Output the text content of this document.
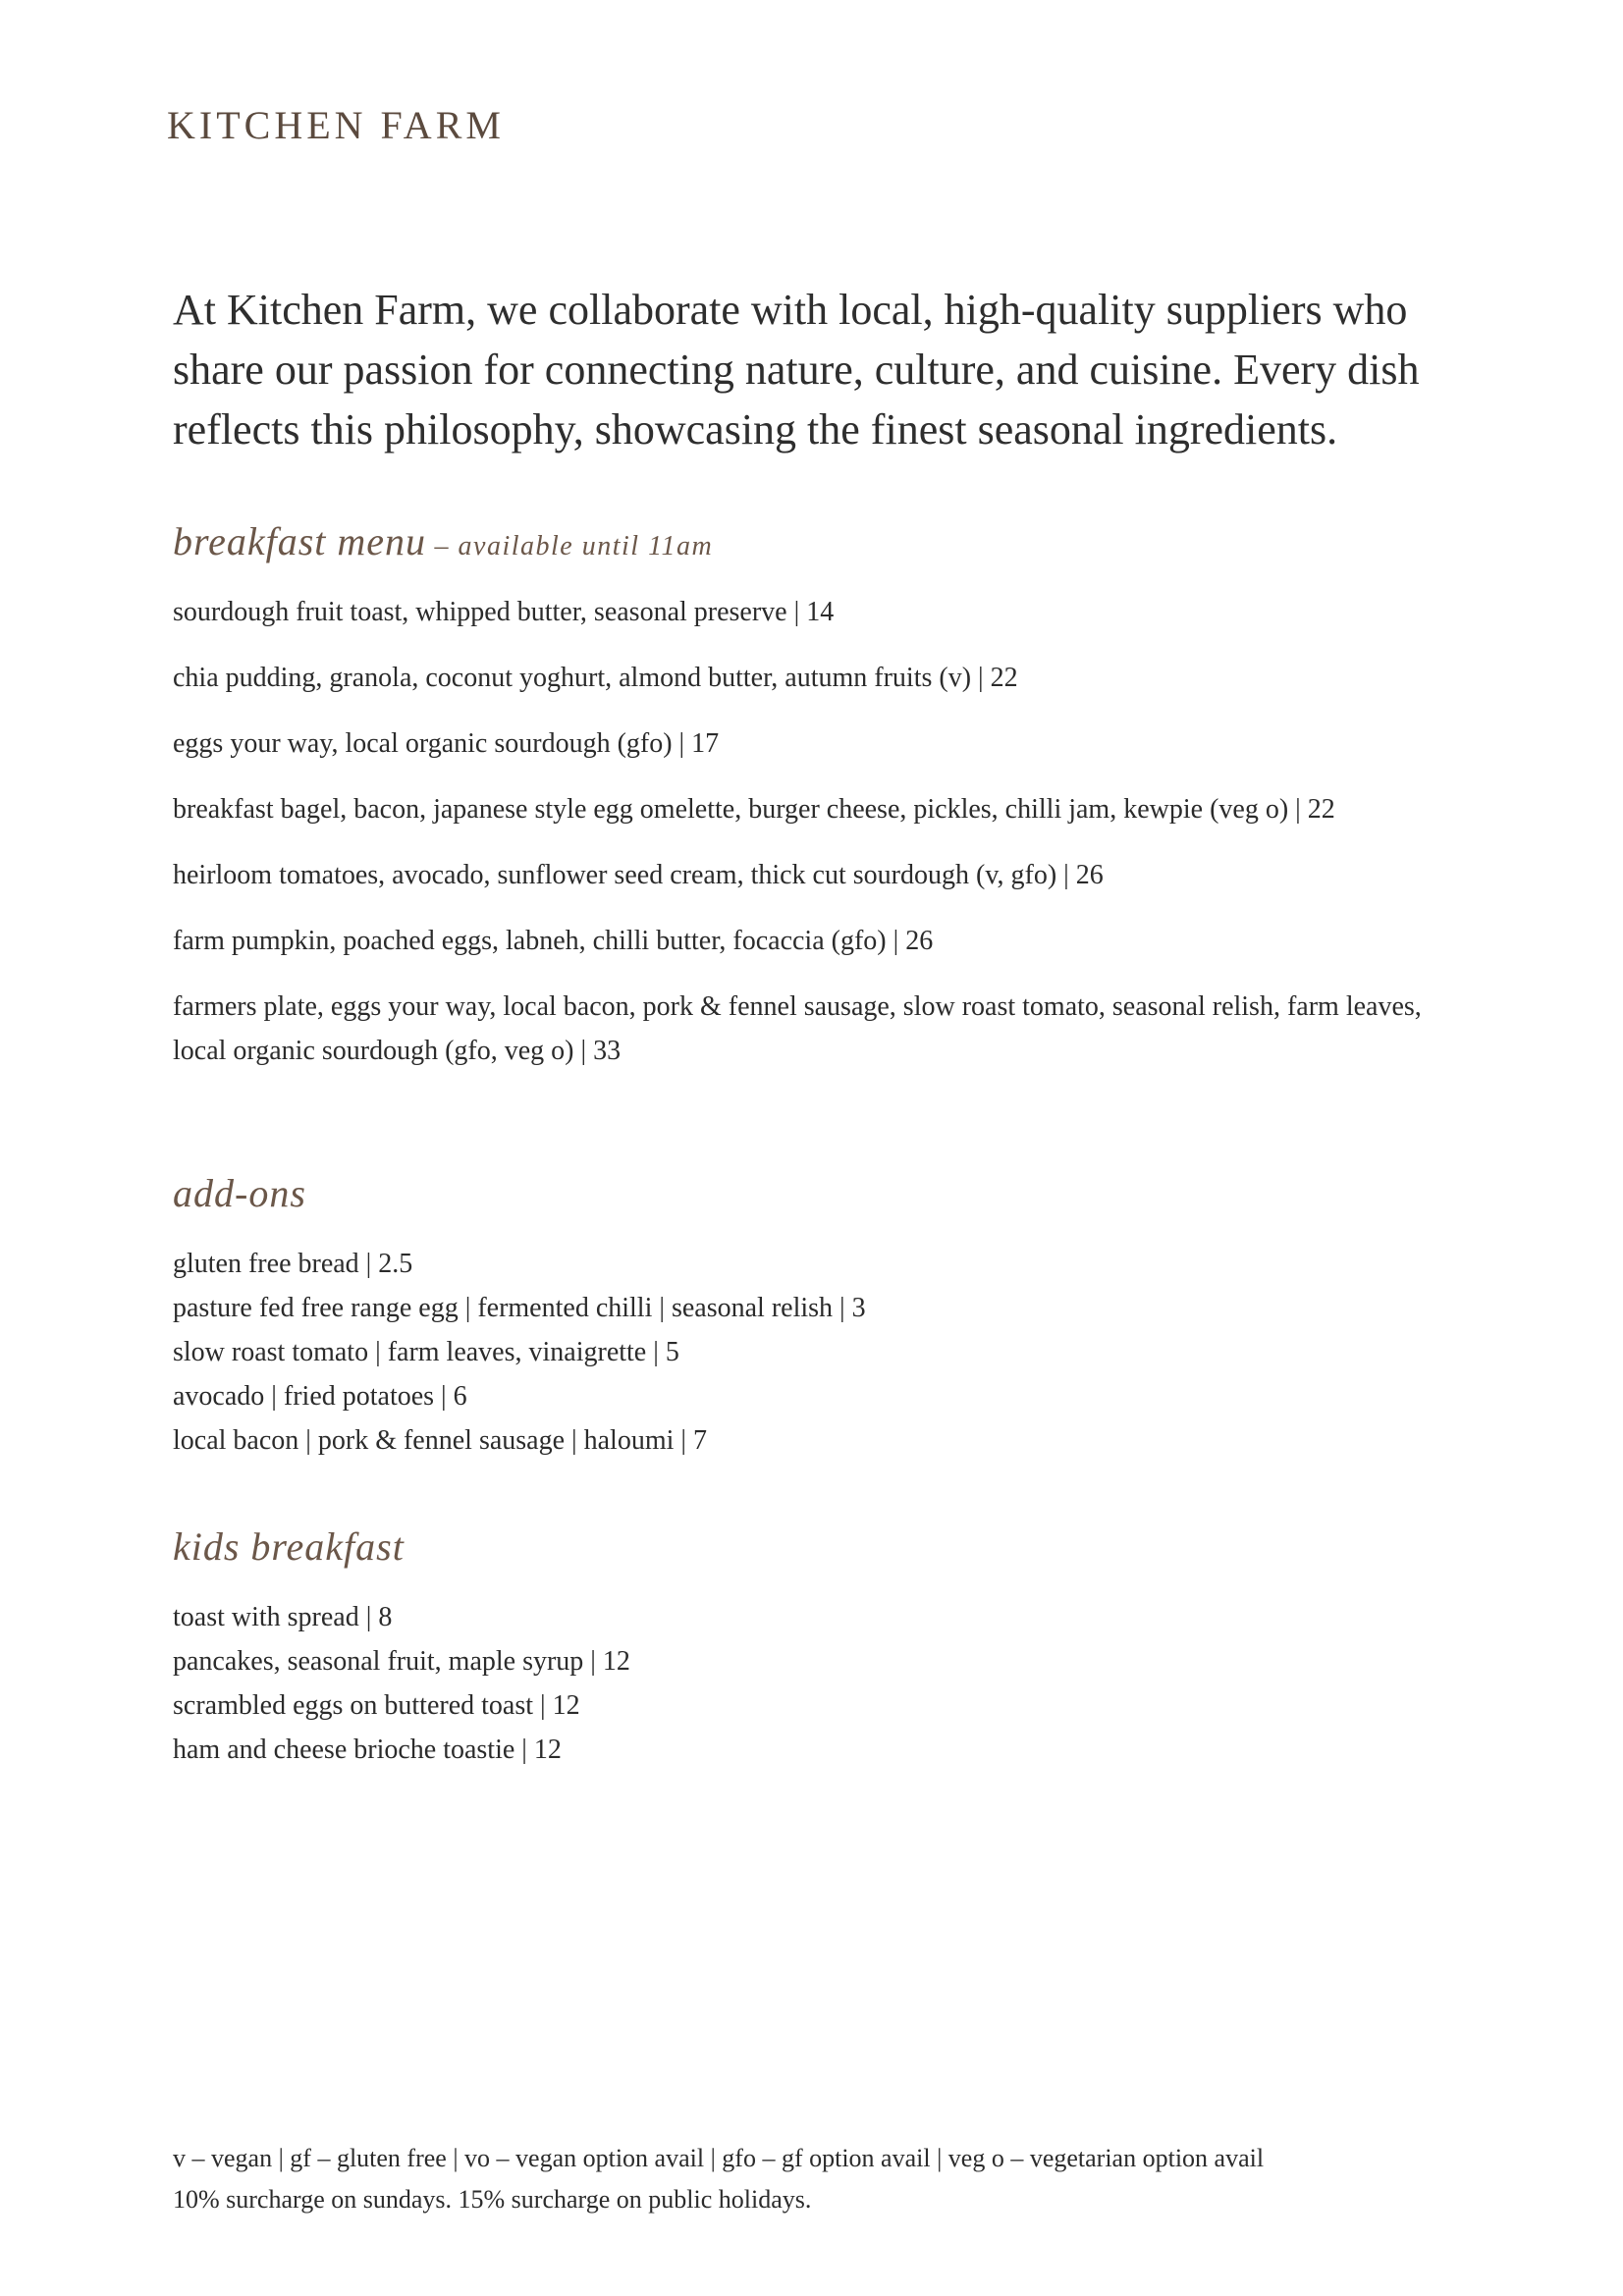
KITCHEN FARM

At Kitchen Farm, we collaborate with local, high-quality suppliers who share our passion for connecting nature, culture, and cuisine. Every dish reflects this philosophy, showcasing the finest seasonal ingredients.

breakfast menu – available until 11am
sourdough fruit toast, whipped butter, seasonal preserve | 14
chia pudding, granola, coconut yoghurt, almond butter, autumn fruits (v) | 22
eggs your way, local organic sourdough (gfo) | 17
breakfast bagel, bacon, japanese style egg omelette, burger cheese, pickles, chilli jam, kewpie (veg o) | 22
heirloom tomatoes, avocado, sunflower seed cream, thick cut sourdough (v, gfo) | 26
farm pumpkin, poached eggs, labneh, chilli butter, focaccia (gfo) | 26
farmers plate, eggs your way, local bacon, pork & fennel sausage, slow roast tomato, seasonal relish, farm leaves, local organic sourdough (gfo, veg o) | 33
add-ons
gluten free bread | 2.5
pasture fed free range egg | fermented chilli | seasonal relish | 3
slow roast tomato | farm leaves, vinaigrette | 5
avocado | fried potatoes | 6
local bacon | pork & fennel sausage | haloumi | 7
kids breakfast
toast with spread | 8
pancakes, seasonal fruit, maple syrup | 12
scrambled eggs on buttered toast | 12
ham and cheese brioche toastie | 12
v – vegan | gf – gluten free | vo – vegan option avail | gfo – gf option avail | veg o – vegetarian option avail
10% surcharge on sundays. 15% surcharge on public holidays.
